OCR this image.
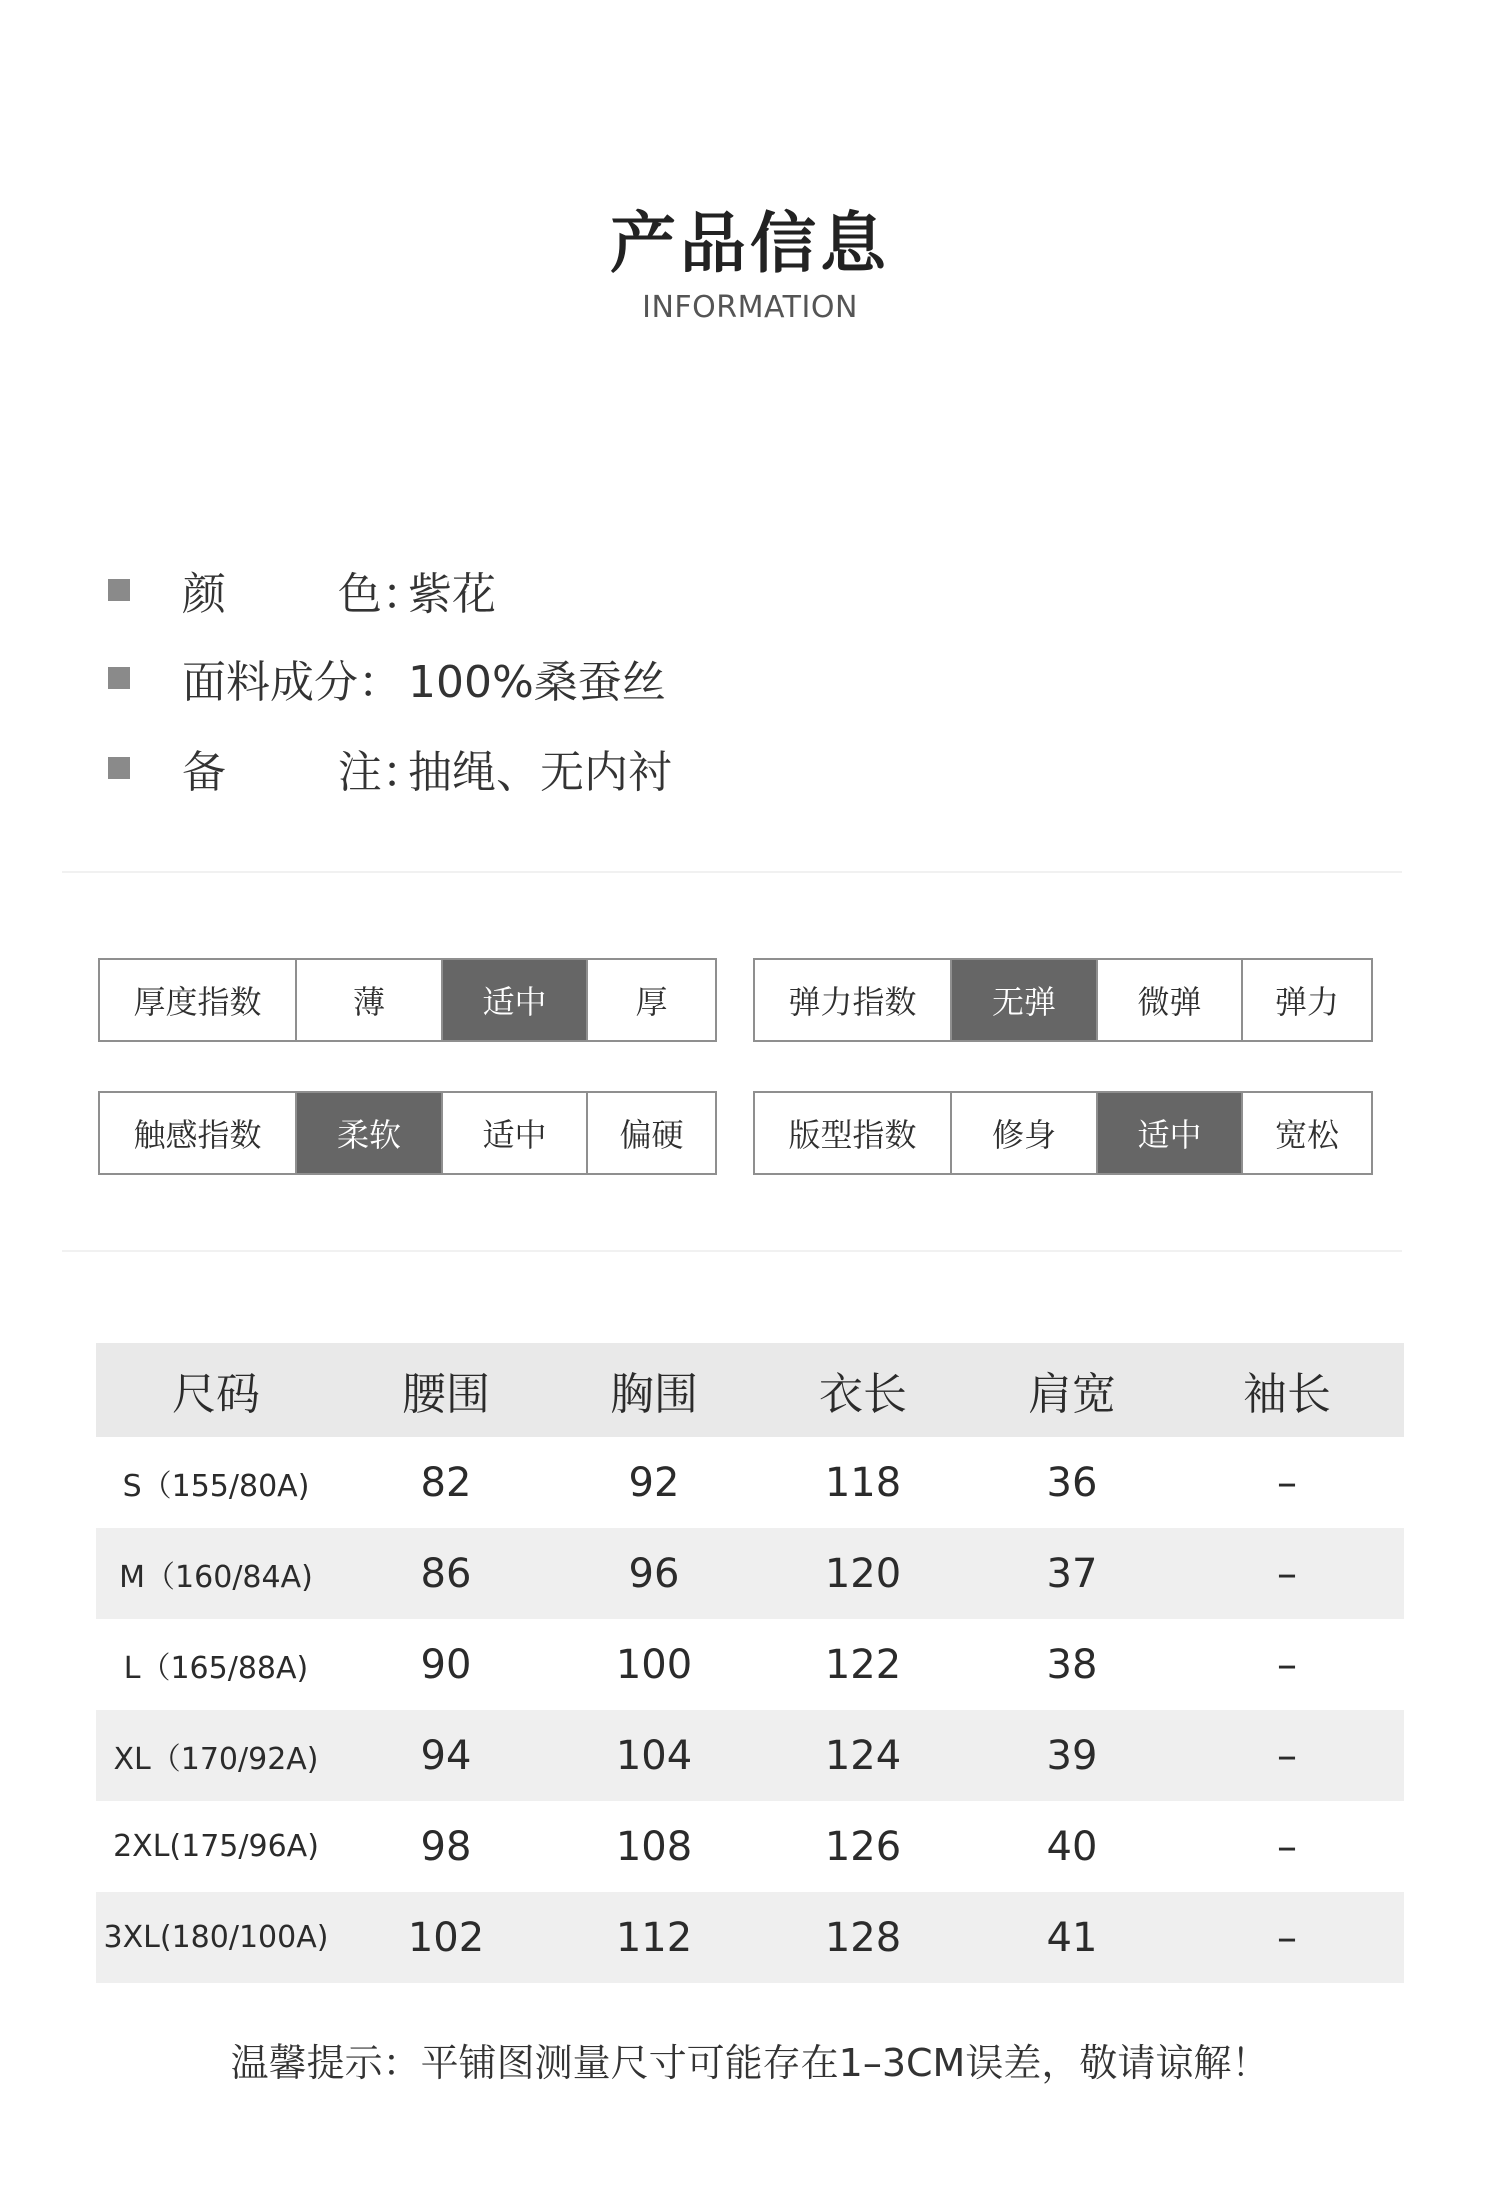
产品信息
INFORMATION
颜        色：
紫花
面料成分： 100%桑蚕丝
备        注：
抽绳、无内衬
厚度指数	薄	适中	厚	弹力指数	无弹	微弹	弹力
触感指数	柔软	适中	偏硬	版型指数	修身	适中	宽松
尺码	腰围	胸围	衣长	肩宽	袖长
S（155/80A)	82	92	118	36	–
M（160/84A)	86	96	120	37	–
L（165/88A)	90	100	122	38	–
XL（170/92A)	94	104	124	39	–
2XL(175/96A)	98	108	126	40	–
3XL(180/100A)	102	112	128	41	–
温馨提示：平铺图测量尺寸可能存在1–3CM误差，敬请谅解！
